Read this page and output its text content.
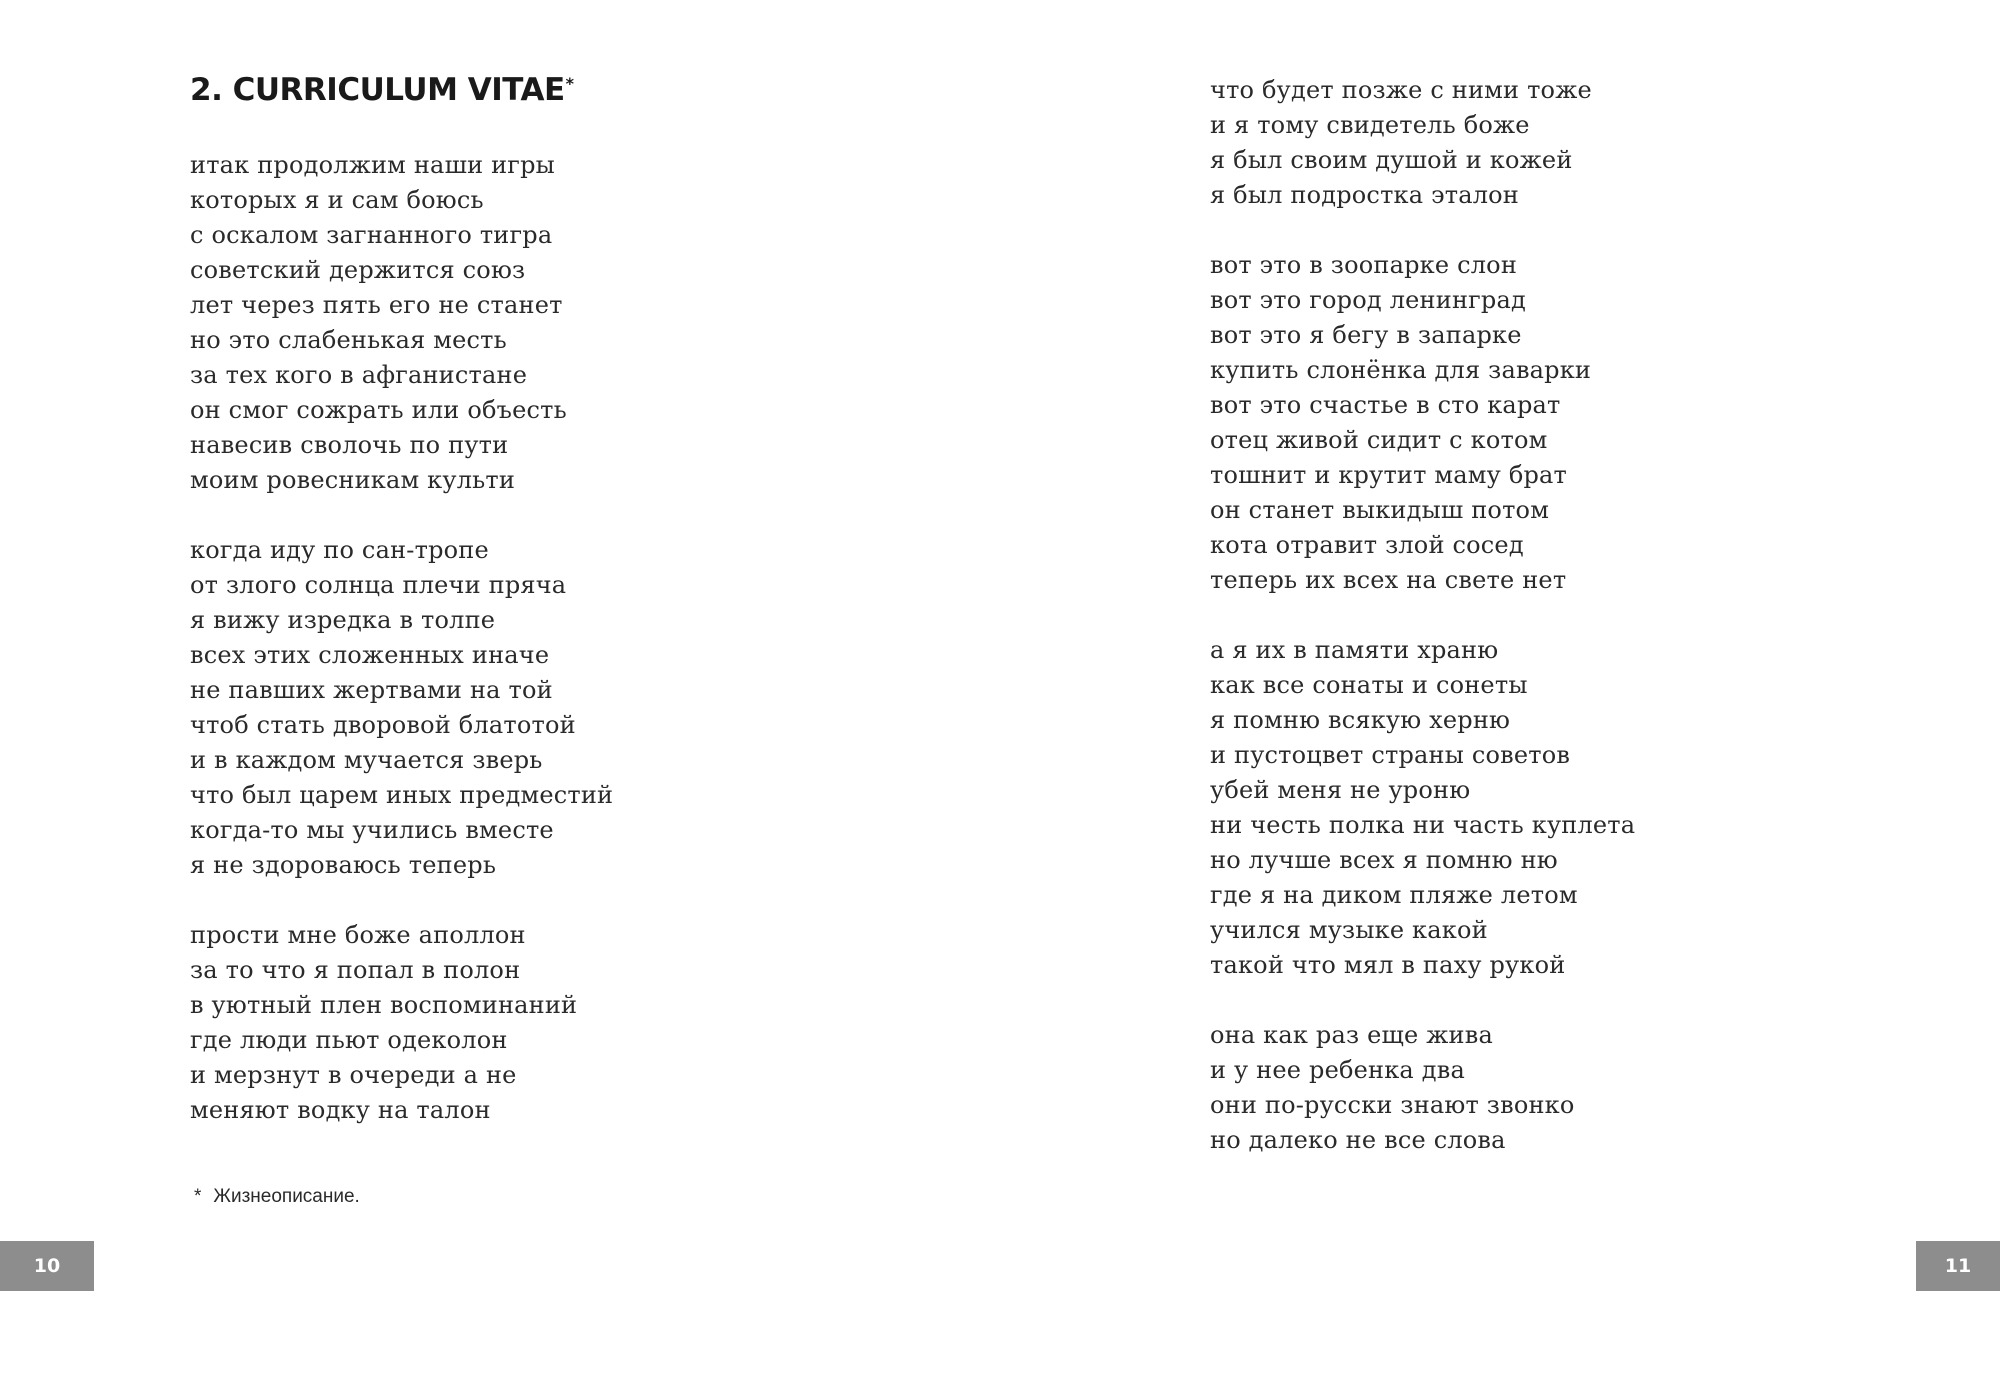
2. CURRICULUM VITAE*
итак продолжим наши игры
которых я и сам боюсь
с оскалом загнанного тигра
советский держится союз
лет через пять его не станет
но это слабенькая месть
за тех кого в афганистане
он смог сожрать или объесть
навесив сволочь по пути
моим ровесникам культи
когда иду по сан-тропе
от злого солнца плечи пряча
я вижу изредка в толпе
всех этих сложенных иначе
не павших жертвами на той
чтоб стать дворовой блатотой
и в каждом мучается зверь
что был царем иных предместий
когда-то мы учились вместе
я не здороваюсь теперь
прости мне боже аполлон
за то что я попал в полон
в уютный плен воспоминаний
где люди пьют одеколон
и мерзнут в очереди а не
меняют водку на талон
* Жизнеописание.
10
что будет позже с ними тоже
и я тому свидетель боже
я был своим душой и кожей
я был подростка эталон
вот это в зоопарке слон
вот это город ленинград
вот это я бегу в запарке
купить слонёнка для заварки
вот это счастье в сто карат
отец живой сидит с котом
тошнит и крутит маму брат
он станет выкидыш потом
кота отравит злой сосед
теперь их всех на свете нет
а я их в памяти храню
как все сонаты и сонеты
я помню всякую херню
и пустоцвет страны советов
убей меня не уроню
ни честь полка ни часть куплета
но лучше всех я помню ню
где я на диком пляже летом
учился музыке какой
такой что мял в паху рукой
она как раз еще жива
и у нее ребенка два
они по-русски знают звонко
но далеко не все слова
11
